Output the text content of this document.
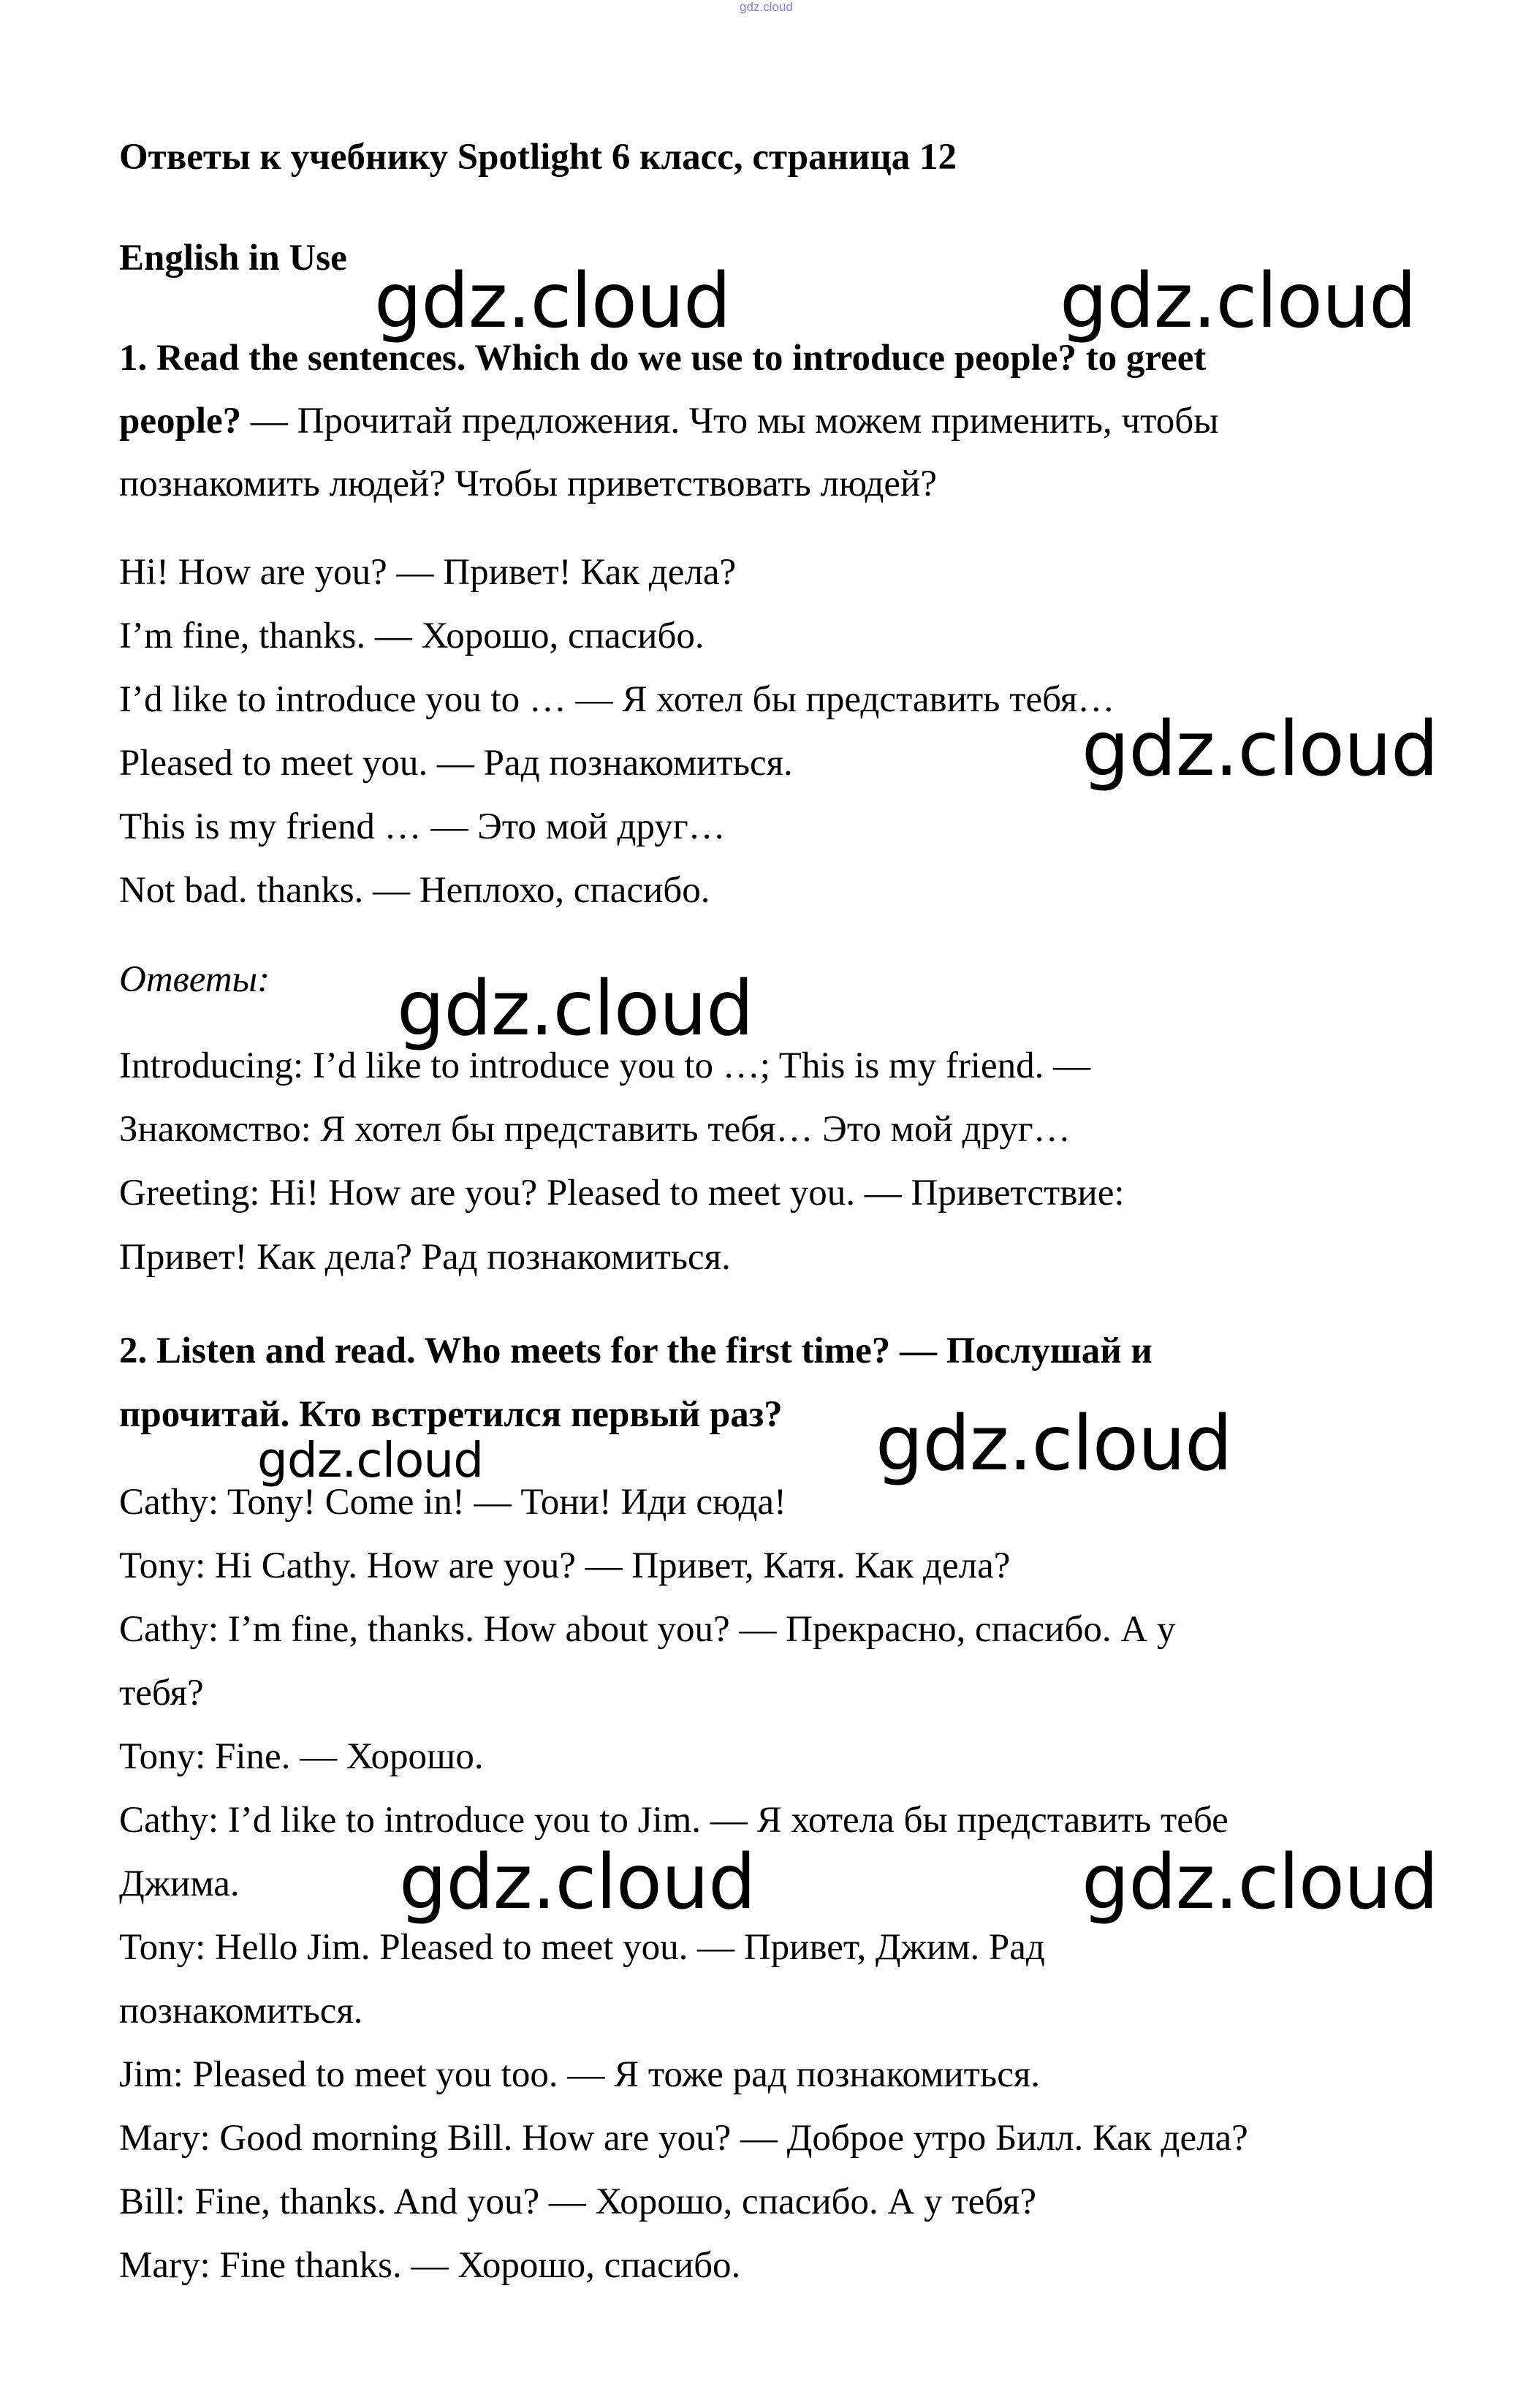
gdz.cloud
Ответы к учебнику Spotlight 6 класс, страница 12
English in Use
1. Read the sentences. Which do we use to introduce people? to greet
people? — Прочитай предложения. Что мы можем применить, чтобы
познакомить людей? Чтобы приветствовать людей?
Hi! How are you? — Привет! Как дела?
I’m fine, thanks. — Хорошо, спасибо.
I’d like to introduce you to … — Я хотел бы представить тебя…
Pleased to meet you. — Рад познакомиться.
This is my friend … — Это мой друг…
Not bad. thanks. — Неплохо, спасибо.
Ответы:
Introducing: I’d like to introduce you to …; This is my friend. —
Знакомство: Я хотел бы представить тебя… Это мой друг…
Greeting: Hi! How are you? Pleased to meet you. — Приветствие:
Привет! Как дела? Рад познакомиться.
2. Listen and read. Who meets for the first time? — Послушай и
прочитай. Кто встретился первый раз?
Cathy: Tony! Come in! — Тони! Иди сюда!
Tony: Hi Cathy. How are you? — Привет, Катя. Как дела?
Cathy: I’m fine, thanks. How about you? — Прекрасно, спасибо. А у
тебя?
Tony: Fine. — Хорошо.
Cathy: I’d like to introduce you to Jim. — Я хотела бы представить тебе
Джима.
Tony: Hello Jim. Pleased to meet you. — Привет, Джим. Рад
познакомиться.
Jim: Pleased to meet you too. — Я тоже рад познакомиться.
Mary: Good morning Bill. How are you? — Доброе утро Билл. Как дела?
Bill: Fine, thanks. And you? — Хорошо, спасибо. А у тебя?
Mary: Fine thanks. — Хорошо, спасибо.
gdz.cloud	gdz.cloud
gdz.cloud
gdz.cloud
gdz.cloud
gdz.cloud
gdz.cloud	gdz.cloud
